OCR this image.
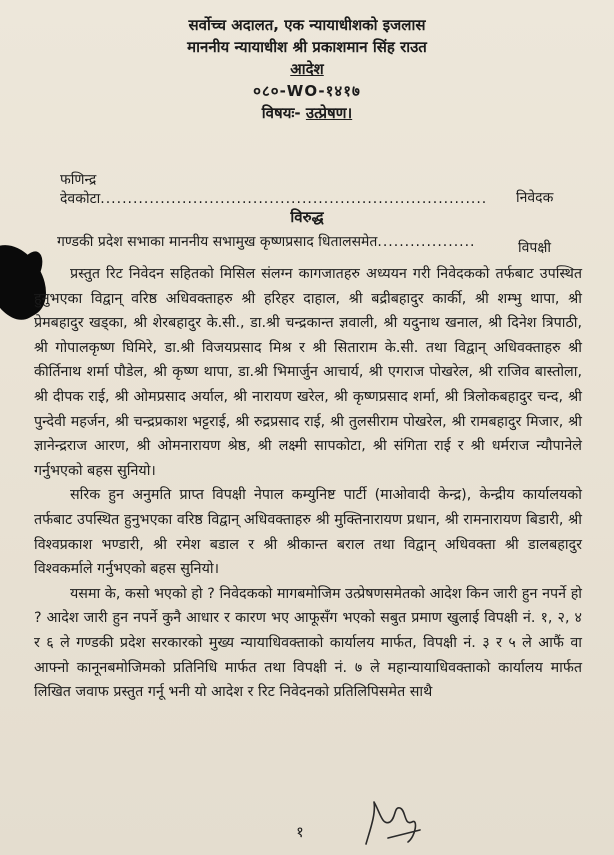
सर्वोच्च अदालत, एक न्यायाधीशको इजलास
माननीय न्यायाधीश श्री प्रकाशमान सिंह राउत
आदेश
०८०-WO-१४१७
विषयः- उत्प्रेषण।
फणिन्द्र देवकोटा....................................................................... निवेदक
विरुद्ध
गण्डकी प्रदेश सभाका माननीय सभामुख कृष्णप्रसाद धितालसमेत..................	विपक्षी

प्रस्तुत रिट निवेदन सहितको मिसिल संलग्न कागजातहरु अध्ययन गरी निवेदकको तर्फबाट उपस्थित हुनुभएका विद्वान् वरिष्ठ अधिवक्ताहरु श्री हरिहर दाहाल, श्री बद्रीबहादुर कार्की, श्री शम्भु थापा, श्री प्रेमबहादुर खड्का, श्री शेरबहादुर के.सी., डा.श्री चन्द्रकान्त ज्ञवाली, श्री यदुनाथ खनाल, श्री दिनेश त्रिपाठी, श्री गोपालकृष्ण घिमिरे, डा.श्री विजयप्रसाद मिश्र र श्री सिताराम के.सी. तथा विद्वान् अधिवक्ताहरु श्री कीर्तिनाथ शर्मा पौडेल, श्री कृष्ण थापा, डा.श्री भिमार्जुन आचार्य, श्री एगराज पोखरेल, श्री राजिव बास्तोला, श्री दीपक राई, श्री ओमप्रसाद अर्याल, श्री नारायण खरेल, श्री कृष्णप्रसाद शर्मा, श्री त्रिलोकबहादुर चन्द, श्री पुन्देवी महर्जन, श्री चन्द्रप्रकाश भट्टराई, श्री रुद्रप्रसाद राई, श्री तुलसीराम पोखरेल, श्री रामबहादुर मिजार, श्री ज्ञानेन्द्रराज आरण, श्री ओमनारायण श्रेष्ठ, श्री लक्ष्मी सापकोटा, श्री संगिता राई र श्री धर्मराज न्यौपानेले गर्नुभएको बहस सुनियो।

सरिक हुन अनुमति प्राप्त विपक्षी नेपाल कम्युनिष्ट पार्टी (माओवादी केन्द्र), केन्द्रीय कार्यालयको तर्फबाट उपस्थित हुनुभएका वरिष्ठ विद्वान् अधिवक्ताहरु श्री मुक्तिनारायण प्रधान, श्री रामनारायण बिडारी, श्री विश्वप्रकाश भण्डारी, श्री रमेश बडाल र श्री श्रीकान्त बराल तथा विद्वान् अधिवक्ता श्री डालबहादुर विश्वकर्माले गर्नुभएको बहस सुनियो।

यसमा के, कसो भएको हो ? निवेदकको मागबमोजिम उत्प्रेषणसमेतको आदेश किन जारी हुन नपर्ने हो ? आदेश जारी हुन नपर्ने कुनै आधार र कारण भए आफूसँग भएको सबुत प्रमाण खुलाई विपक्षी नं. १, २, ४ र ६ ले गण्डकी प्रदेश सरकारको मुख्य न्यायाधिवक्ताको कार्यालय मार्फत, विपक्षी नं. ३ र ५ ले आफैं वा आफ्नो कानूनबमोजिमको प्रतिनिधि मार्फत तथा विपक्षी नं. ७ ले महान्यायाधिवक्ताको कार्यालय मार्फत लिखित जवाफ प्रस्तुत गर्नू भनी यो आदेश र रिट निवेदनको प्रतिलिपिसमेत साथै

१
